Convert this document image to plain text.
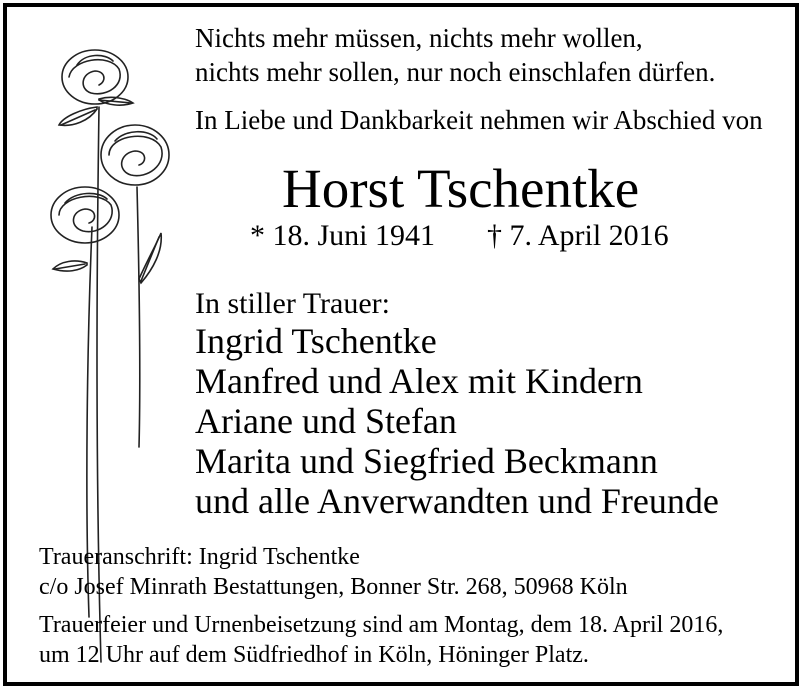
Nichts mehr müssen, nichts mehr wollen,
nichts mehr sollen, nur noch einschlafen dürfen.
In Liebe und Dankbarkeit nehmen wir Abschied von
Horst Tschentke
* 18. Juni 1941 † 7. April 2016
In stiller Trauer:
Ingrid Tschentke
Manfred und Alex mit Kindern
Ariane und Stefan
Marita und Siegfried Beckmann
und alle Anverwandten und Freunde
Traueranschrift: Ingrid Tschentke
c/o Josef Minrath Bestattungen, Bonner Str. 268, 50968 Köln
Trauerfeier und Urnenbeisetzung sind am Montag, dem 18. April 2016,
um 12 Uhr auf dem Südfriedhof in Köln, Höninger Platz.
